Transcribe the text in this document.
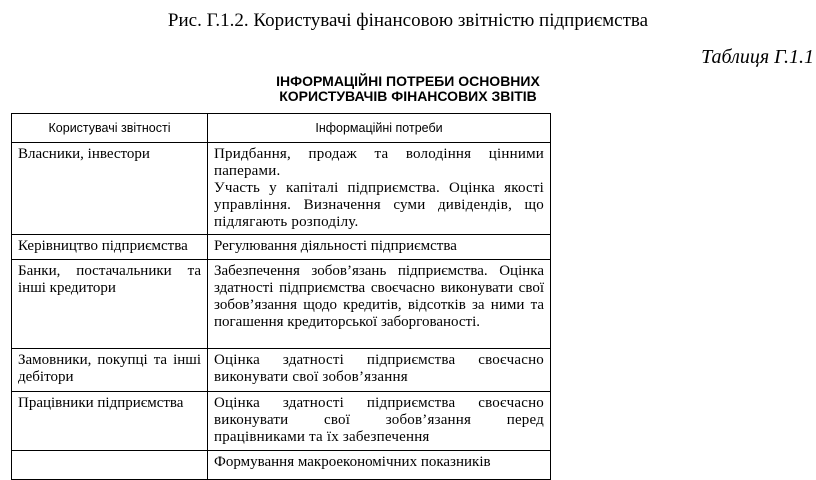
Рис. Г.1.2. Користувачі фінансовою звітністю підприємства
Таблиця Г.1.1
ІНФОРМАЦІЙНІ ПОТРЕБИ ОСНОВНИХ
КОРИСТУВАЧІВ ФІНАНСОВИХ ЗВІТІВ
Користувачі звітності	Інформаційні потреби
Власники, інвестори	Придбання, продаж та володіння цінними паперами.
Участь у капіталі підприємства. Оцінка якості управління. Визначення суми дивідендів, що підлягають розподілу.

Керівництво підприємства	Регулювання діяльності підприємства

Банки, постачальники та інші кредитори	Забезпечення зобов’язань підприємства. Оцінка здатності підприємства своєчасно виконувати свої зобов’язання щодо кредитів, відсотків за ними та погашення кредиторської заборгованості.

Замовники, покупці та інші дебітори	Оцінка здатності підприємства своєчасно виконувати свої зобов’язання

Працівники підприємства	Оцінка здатності підприємства своєчасно виконувати свої зобов’язання перед працівниками та їх забезпечення

	Формування макроекономічних показників
